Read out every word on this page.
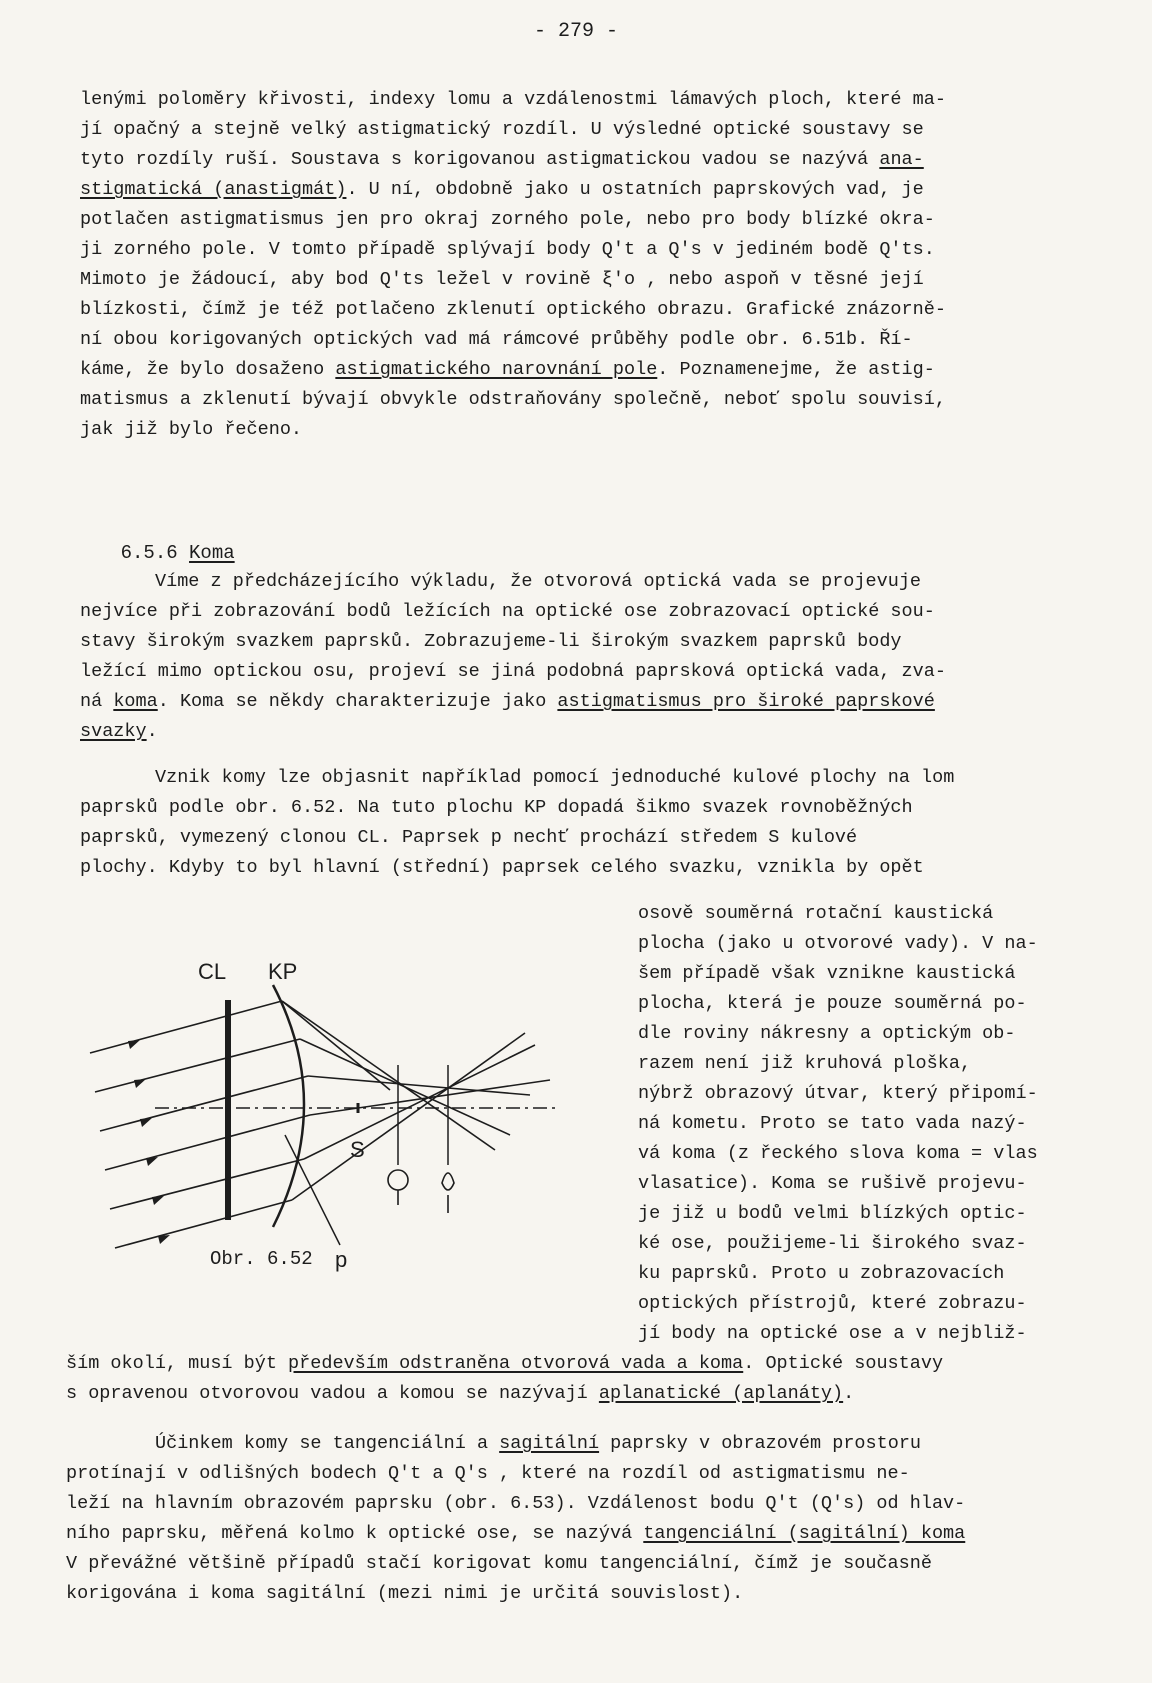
- 279 -
lenými poloměry křivosti, indexy lomu a vzdálenostmi lámavých ploch, které ma-
jí opačný a stejně velký astigmatický rozdíl. U výsledné optické soustavy se
tyto rozdíly ruší. Soustava s korigovanou astigmatickou vadou se nazývá ana-
stigmatická (anastigmát). U ní, obdobně jako u ostatních paprskových vad, je
potlačen astigmatismus jen pro okraj zorného pole, nebo pro body blízké okra-
ji zorného pole. V tomto případě splývají body Q′t a Q′s v jediném bodě Q′ts.
Mimoto je žádoucí, aby bod Q′ts ležel v rovině ξ′o , nebo aspoň v těsné její
blízkosti, čímž je též potlačeno zklenutí optického obrazu. Grafické znázorně-
ní obou korigovaných optických vad má rámcové průběhy podle obr. 6.51b. Ří-
káme, že bylo dosaženo astigmatického narovnání pole. Poznamenejme, že astig-
matismus a zklenutí bývají obvykle odstraňovány společně, neboť spolu souvisí,
jak již bylo řečeno.

6.5.6 Koma

Víme z předcházejícího výkladu, že otvorová optická vada se projevuje
nejvíce při zobrazování bodů ležících na optické ose zobrazovací optické sou-
stavy širokým svazkem paprsků. Zobrazujeme-li širokým svazkem paprsků body
ležící mimo optickou osu, projeví se jiná podobná paprsková optická vada, zva-
ná koma. Koma se někdy charakterizuje jako astigmatismus pro široké paprskové
svazky.
Vznik komy lze objasnit například pomocí jednoduché kulové plochy na lom
paprsků podle obr. 6.52. Na tuto plochu KP dopadá šikmo svazek rovnoběžných
paprsků, vymezený clonou CL. Paprsek p nechť prochází středem S kulové
plochy. Kdyby to byl hlavní (střední) paprsek celého svazku, vznikla by opět
osově souměrná rotační kaustická
plocha (jako u otvorové vady). V na-
šem případě však vznikne kaustická
plocha, která je pouze souměrná po-
dle roviny nákresny a optickým ob-
razem není již kruhová ploška,
nýbrž obrazový útvar, který připomí-
ná kometu. Proto se tato vada nazý-
vá koma (z řeckého slova koma = vlas
vlasatice). Koma se rušivě projevu-
je již u bodů velmi blízkých optic-
ké ose, použijeme-li širokého svaz-
ku paprsků. Proto u zobrazovacích
optických přístrojů, které zobrazu-
jí body na optické ose a v nejbliž-
CL KP
S
p
Obr. 6.52
ším okolí, musí být především odstraněna otvorová vada a koma. Optické soustavy
s opravenou otvorovou vadou a komou se nazývají aplanatické (aplanáty).
Účinkem komy se tangenciální a sagitální paprsky v obrazovém prostoru
protínají v odlišných bodech Q′t a Q′s , které na rozdíl od astigmatismu ne-
leží na hlavním obrazovém paprsku (obr. 6.53). Vzdálenost bodu Q′t (Q′s) od hlav-
ního paprsku, měřená kolmo k optické ose, se nazývá tangenciální (sagitální) koma
V převážné většině případů stačí korigovat komu tangenciální, čímž je současně
korigována i koma sagitální (mezi nimi je určitá souvislost).
